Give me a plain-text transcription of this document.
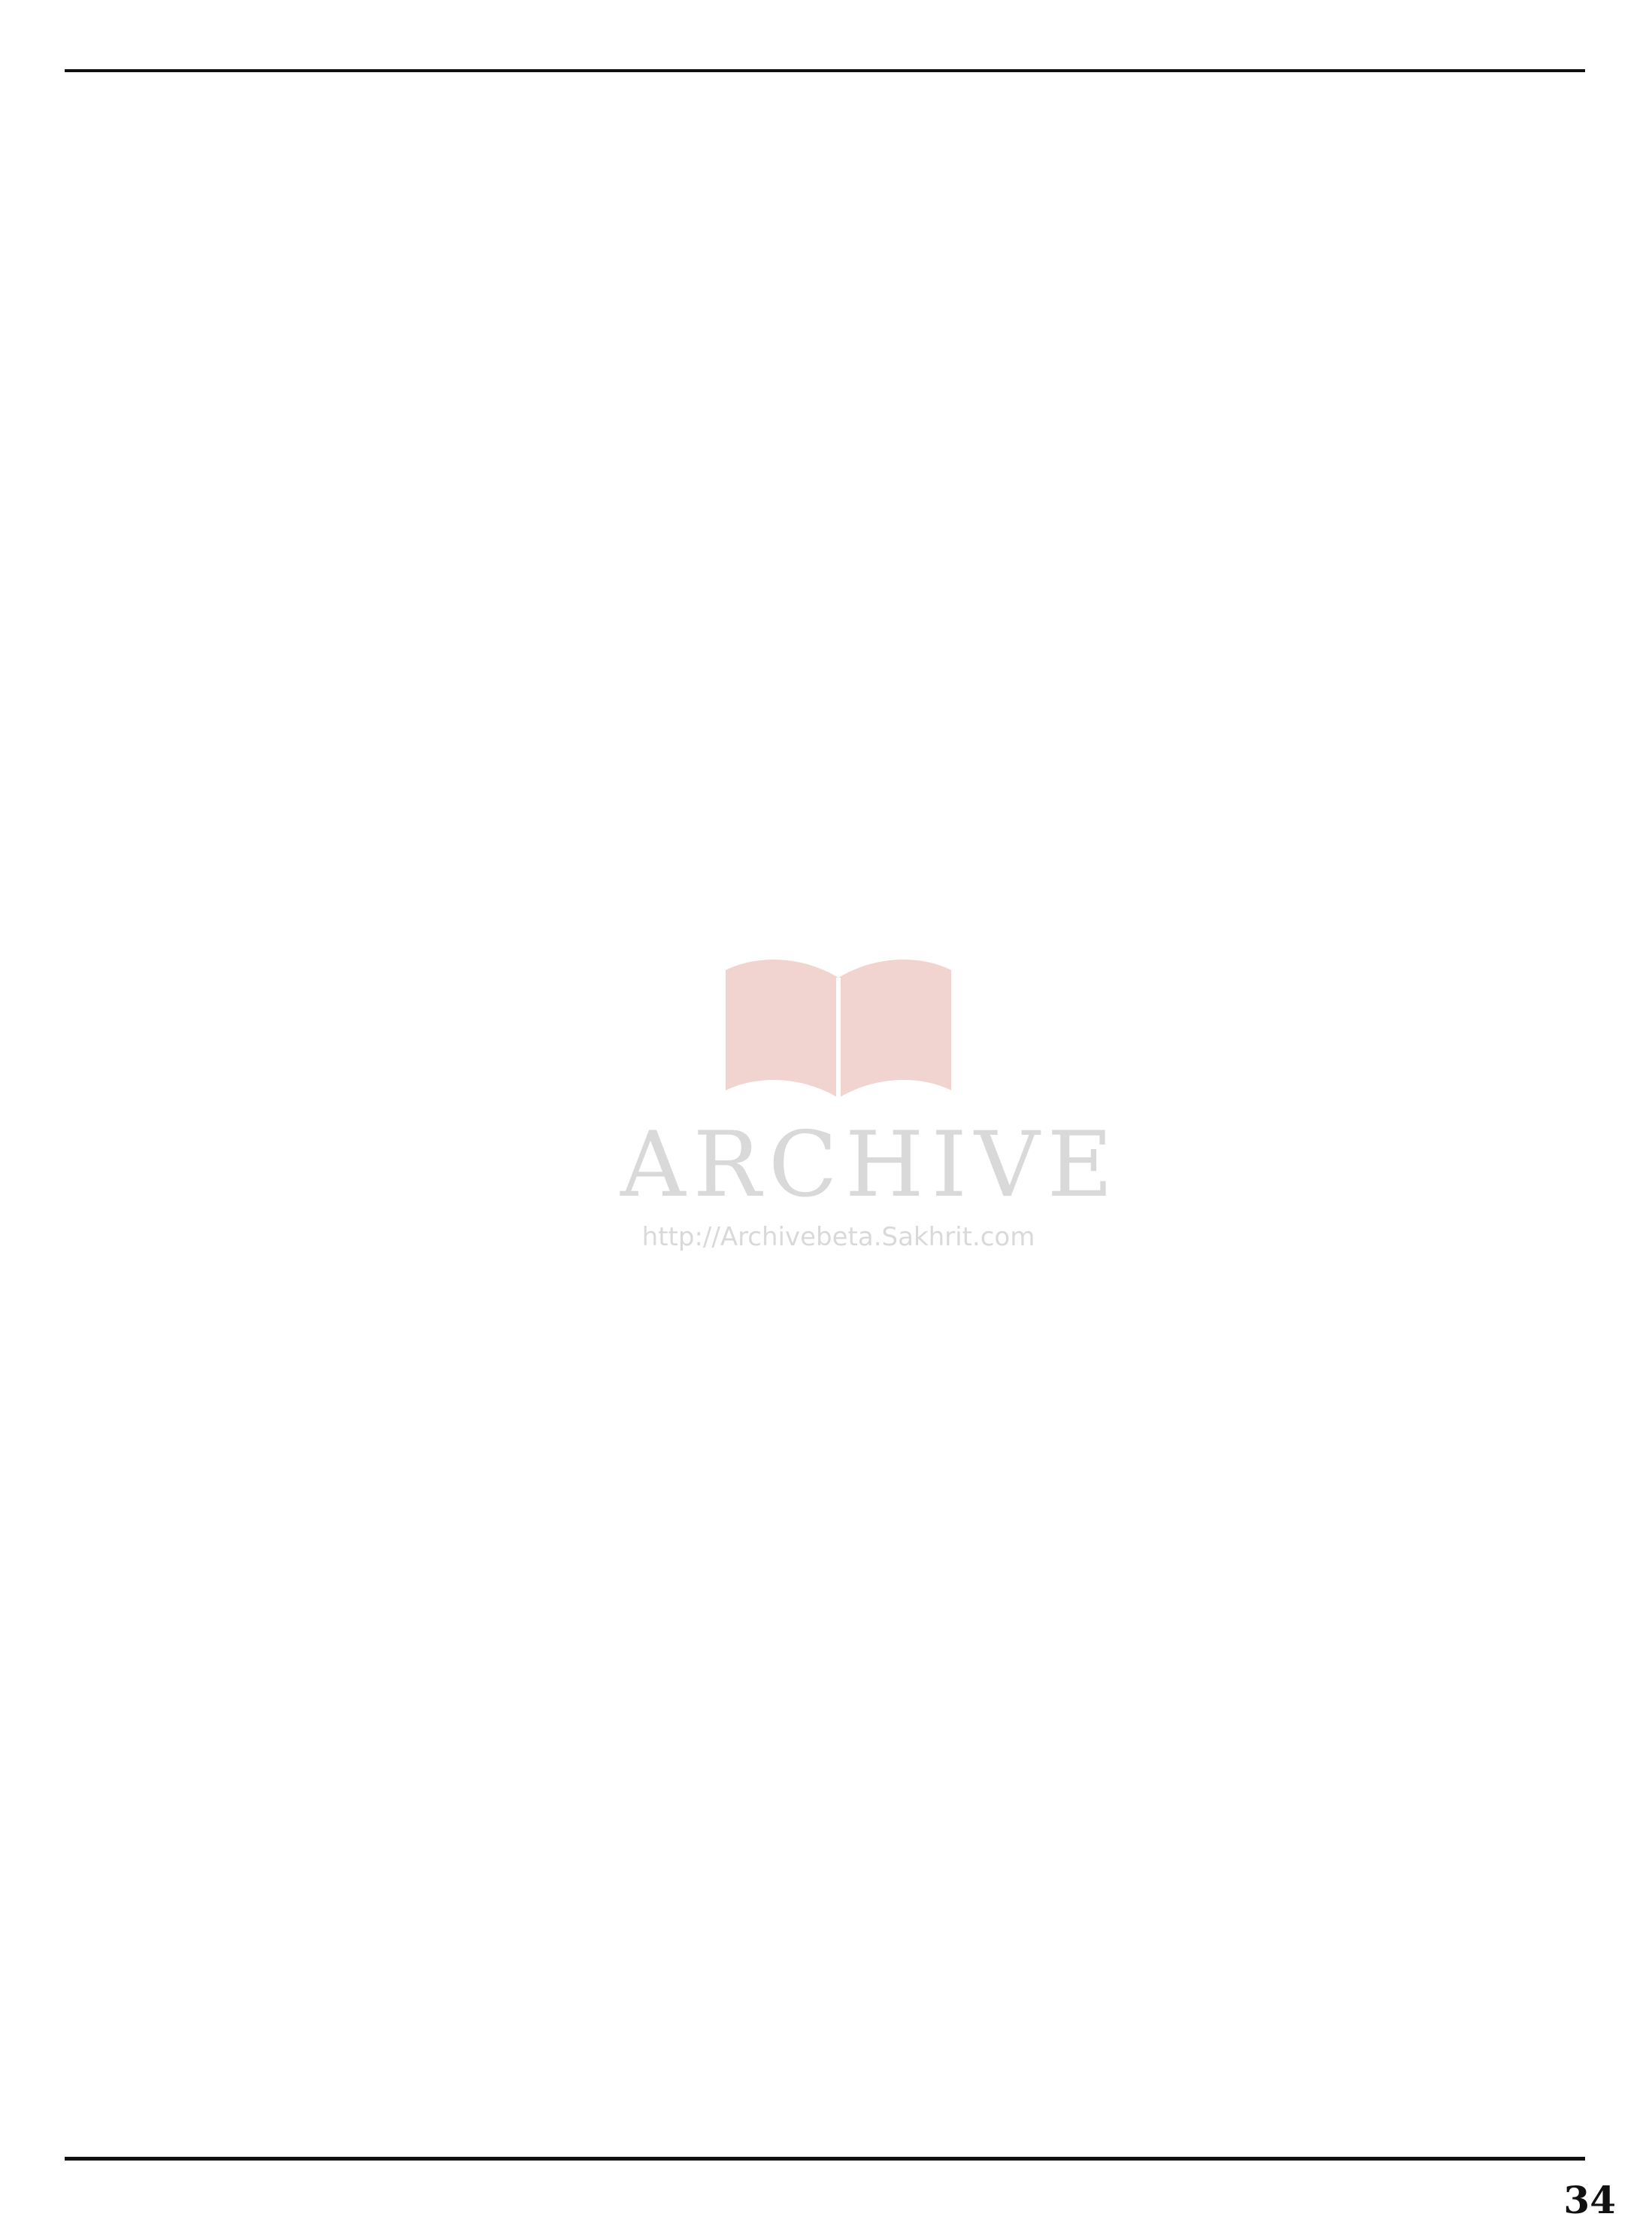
ARCHIVE
http://Archivebeta.Sakhrit.com
34
